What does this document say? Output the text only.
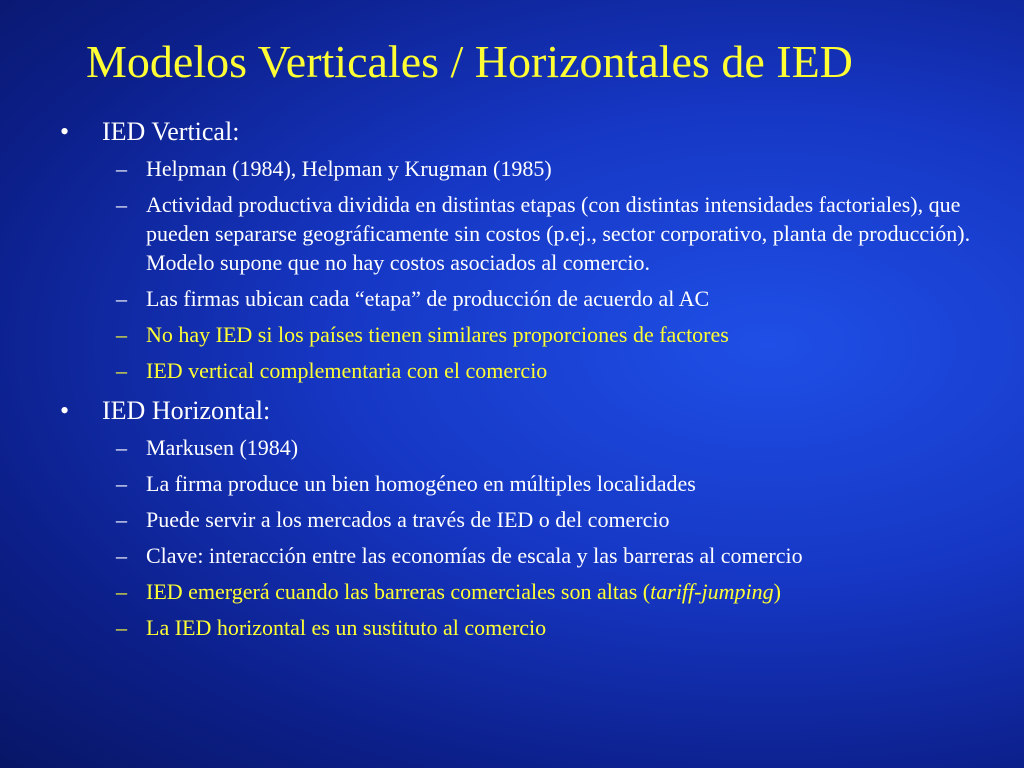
Modelos Verticales / Horizontales de IED
• IED Vertical:
– Helpman (1984), Helpman y Krugman (1985)
– Actividad productiva dividida en distintas etapas (con distintas intensidades factoriales), que pueden separarse geográficamente sin costos (p.ej., sector corporativo, planta de producción). Modelo supone que no hay costos asociados al comercio.
– Las firmas ubican cada “etapa” de producción de acuerdo al AC
– No hay IED si los países tienen similares proporciones de factores
– IED vertical complementaria con el comercio
• IED Horizontal:
– Markusen (1984)
– La firma produce un bien homogéneo en múltiples localidades
– Puede servir a los mercados a través de IED o del comercio
– Clave: interacción entre las economías de escala y las barreras al comercio
– IED emergerá cuando las barreras comerciales son altas (tariff-jumping)
– La IED horizontal es un sustituto al comercio
